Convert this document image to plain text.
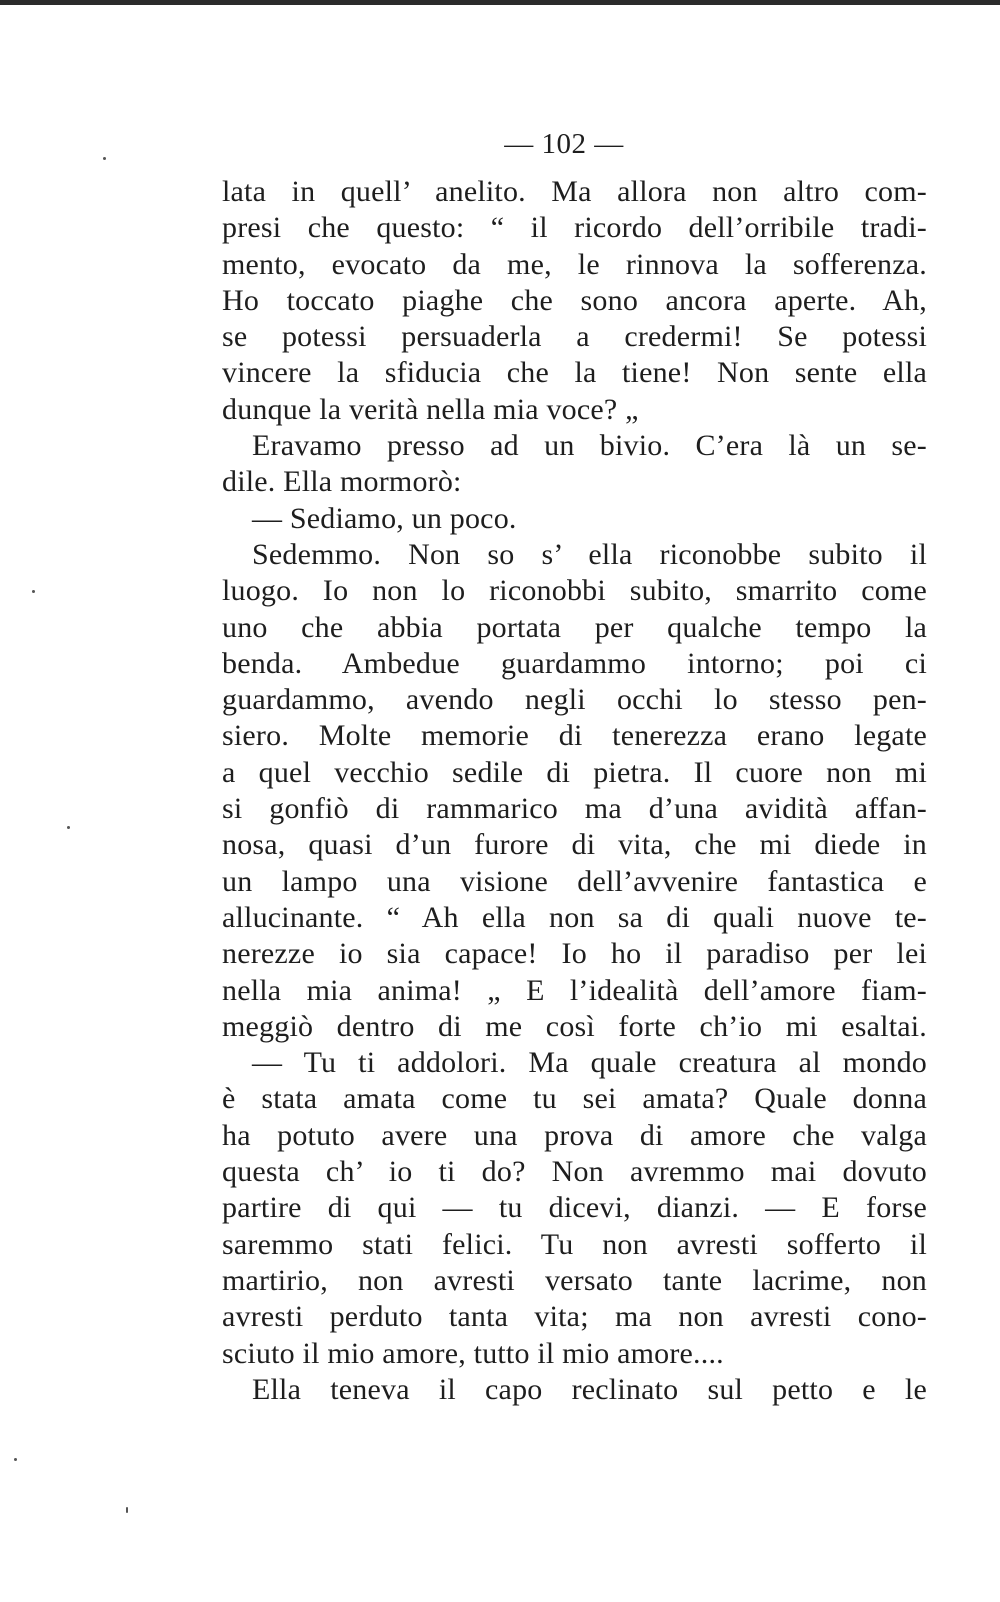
— 102 —
lata in quell’ anelito. Ma allora non altro com-
presi che questo: “ il ricordo dell’orribile tradi-
mento, evocato da me, le rinnova la sofferenza.
Ho toccato piaghe che sono ancora aperte. Ah,
se potessi persuaderla a credermi! Se potessi
vincere la sfiducia che la tiene! Non sente ella
dunque la verità nella mia voce? „
Eravamo presso ad un bivio. C’era là un se-
dile. Ella mormorò:
— Sediamo, un poco.
Sedemmo. Non so s’ ella riconobbe subito il
luogo. Io non lo riconobbi subito, smarrito come
uno che abbia portata per qualche tempo la
benda. Ambedue guardammo intorno; poi ci
guardammo, avendo negli occhi lo stesso pen-
siero. Molte memorie di tenerezza erano legate
a quel vecchio sedile di pietra. Il cuore non mi
si gonfiò di rammarico ma d’una avidità affan-
nosa, quasi d’un furore di vita, che mi diede in
un lampo una visione dell’avvenire fantastica e
allucinante. “ Ah ella non sa di quali nuove te-
nerezze io sia capace! Io ho il paradiso per lei
nella mia anima! „ E l’idealità dell’amore fiam-
meggiò dentro di me così forte ch’io mi esaltai.
— Tu ti addolori. Ma quale creatura al mondo
è stata amata come tu sei amata? Quale donna
ha potuto avere una prova di amore che valga
questa ch’ io ti do? Non avremmo mai dovuto
partire di qui — tu dicevi, dianzi. — E forse
saremmo stati felici. Tu non avresti sofferto il
martirio, non avresti versato tante lacrime, non
avresti perduto tanta vita; ma non avresti cono-
sciuto il mio amore, tutto il mio amore....
Ella teneva il capo reclinato sul petto e le
